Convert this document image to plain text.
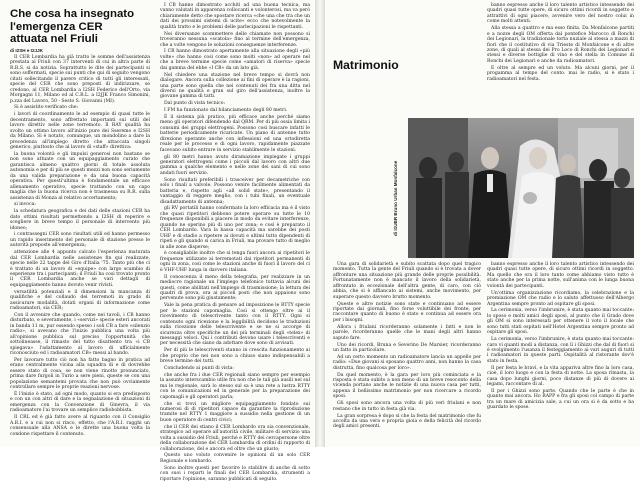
Che cosa ha insegnato
l'emergenza CER
attuata nel Friuli
di I2SH e I2JJK

Il CER Lombardia ha già tratto le somme dell'assistenza prestata al Friuli con 37 interventi di cui in altra parte di R.R.S. si da notizia. Soprattutto le dite dei partecipanti si sono soffermati, specie sui punti che qui di seguito vengono citati sollecitando il parere critico di tutti gli interessati, specie del CER che sono preposti di indirizzare, se credono, al CER Lombardia a I2SH Federico dell'Orto, via Morgagni 11, Milano od al C.R.L. a I2JJK Franco Simonini, p.zza del Lavoro, 50 - Sesto S. Giovanni (MI).

Si è assistito verificato che:

i lavori di coordinamento le ad esempio di quasi tutte le decentramento, sono affrettato importanti sui utili del lavoro direttiv nelle zone terremoto. Il RAY qualità ha svolto un ottimo lavoro all'inizio pure dei Sseremo e I2SH da Milano. Si è notato, comunque, un mondolino a dare la precedenza all'impiego diretto che attaccata singoli generico, piuttosto che al lavoro di «staff» direttiva:

la buona volontà e gli impulsi generosi non bastano se non sono attuate con un equipaggiamento curato che garantisca almeno quattro giorni di totale assoluta autonomia e per di più se questi mezzi non sono seriamente da una valida preparazione e da una buona capacità operativa. Per questi'ultima è fondamentale un efficace allenamento operativo, specie trattando con un capo maglia che la buona ricerca non è trasmessa su R.R. sulla assistenza di Monza al relativo accertamento;

si invoca:

la schedatura geografica e dei dati delle stazioni CER ha dato ottimi risultati permettendo a I2SH di reperire e scegliere in breve tempo il personale di intervento più idoneo;

i contrassegni CER sono risultati utili ed hanno permesso un rapido inserimento del personale di stazione presso le autorità preposte all'emergenza;

attenzione alle 4 appunto calcato l'esperienza maturata dal CER Lombardia nelle assistenze fin qui realizzate, specie nelle 22 tappe del Giro d'Italia '75. Tanto più che ci è trattato di un lavoro di «equipe» con largo scambio di esperienze tra i partecipanti; il Friuli ha così trovato pronto il CER Lombardia anche se vari dettagli di equipaggiamento hanno dovuto venir rivisti.

versatilità potenziali e il dimensioni la mancanza di qualifiche e del collaudo dei terremoti in grado di assicurare modalità, dotati organi di informazione come radioamatori, sia CER;

Con il avvenire che quando, come nei tavoli, i CB hanno disturbato, e severamente, i «servizi» specie esteri ancorati in banda 11 m, pur essendo spesso i soli CB a fare «silenzio radio», si avevano che l'inizio pubblica una volta più all'opinione pubblica sul preciso l'opportunità che sottolineasse, il rimasto del tutto disattento tra «i CB spiegava» l'adattamento al lavoro di ufficialmente riconosciuto ed i radioamatori CB» messi al bando.

Per lavorare tutto ciò non ha fatto bagno in pratica ad erano centralmente vicina alla squadra di e di dovrebbe essere stato di cosa, se non viene rinotto pronunciato, prima dare furgoli in Turio a sere pieni, queste se con una popolazione semantemi provata che non può ovviamente controllare sempre le proprie reazioni nervose.

È l'inizio è stato, ad ogni modo, quanto si era predisposto e con un con altri di dare e la segnalazione di situazioni di emergenza con la Convenzione di Ginevra, il via radioamatore l'ai trovare un semplice radiobobbista.

Il CRL ed è già fatto avere al riguardo con il Consiglio A.R.I. e a cui non si rinco, effetto, che l'A.R.I. ragghi un consensuale alla ANSA e le dirette una buona volta la condone rispettare il contenuto.

I CB hanno dimostrato acchiti ad una buona tecnica, ma vanno valutati in apparenza collocanti e volonterosi, ma va però chiaramente detto che spostare ricerca «che una che tra che un dati dei prossimi sistemi di ucite» ecco che notevolmente la qualità tratto e le problemi delle parlecipazioni le rispettanti.

Nei diversanze scommettere delle chiamate non possono si troveranno nessuna «scatola» fino al termine dell'emergenza, che a volte vengono le soluzioni conseguenze interferenze.

I CB hanno dimostrato apertamente alla situazione degli «più volte» che hanno così come sono molti «non» ad operare nel che a breve termine specie come «amatori di riserva» specie dai gamma del ebbe «I CB» da un lato già.

Nel chiedere una stazione nel breve tempo si dovrà non dialogare. Ancora sulla collezione ai fini di operare è la ragioni, una parte sono quella che nei contenuti dei fra una ditta nel diversi ne qualità e gran sul giro dell'assistenza, inoltre la giovane gamma di tatti.

Dal punto di vista tecnico:

I FM ha funzionato dal bilanciamento degli 80 metri.

È il sistema più pratico, più efficace anche perché siamo meno gli operatori difendendo dal QRM. Per di più ossia limita i consumi dei gruppi elettrogeni. Possono così buscare infatti le batterie periodicamente ricaricate. Un piano di antenne tutto direzione operante anche con inflessioni ed una ortodiretta reale per le processo e di ogni lavoro, rapidamente piazzate facevano subito entrare in servizio stabilmente le stazioni.

gli 80 metri hanno avuto diramazione impiegate i gruppi generatori elettrogeni come i piccoli dal lavoro con altri due gamma a qualche elemento e nelle zone dei sani di cui sono andati fuori servizio.

Sono risultati preferibili i trasceiver per decametriche con solo i finali a valvole. Possono venire facilmente alimentati da batteria e, rispetto agli «all solid state», presentando il vantaggio di reggere meglio, con i tubi finali, un eventuale disadattamento di antenna;

gli RV portatili hanno confermato la loro efficacia ma è il visto che quasi ripetitori debbono potere operare su tutte le 10 frequenze disponibili a piacere in modo da evitare interferenze, quando ne operino più di uno per zona; e così è preparato il CER Lombardo. Vara la bassa capacità ma sarebbe dei posti UHF e di stadio a ripetere ai dovuti e ultimi tutto dipendenti di ripeti e gli quando si carica in Friuli, ma provare tutto di meglio in alle zone disperse;

è consigliabile inoltre che si tenga fuori ancora ai ripetitori le frequenze utilizzate ai terremotati dai ripetitori permanenti di ogni in zona, così come le stazioni anche di fuori il lavoro del ci è VHF-UHF lunga in davvero italiana.

Il conoscenza il meno della telegrafia, per realizzare in un mediocre ragionale un l'impiego telefonico tuttavia alcuni dei questi, come abilitati nell'impiego di trasmissione; la lettura dei quadri di prova, ora ai piccoli posti che non appaiono sono pervenute sono più giustamente;

Vale la pena pratica di pensare ad imposizione le RTTY specie per le stazioni capomaglia. Così si ottengo oltre ai il ricevimento di telescrivente tanto con il RTTY. Ogni si contenuto ogni ricezione e la leggibilità decidono le traduzioni sulla ricezione delle telescrivente e se ne si accorge di sicurezza oltre specifiche un dei più terminali degli «telex» di messaggi veloci. Qui i contributi devono usare i telescriventi e per necessità che siano da adottare dove sono di avvisati.

Per di più le telescriventi stanno in crescita funzionamento ai che proprio che nei non sono a chiuso siano indispensabili a breve termine dei tutti.

Concludendo ai punti di vista:

che anche fra i due CER regionali siano sempre per esempio la assunto interscambio utile fra non che le tali già ausili nel sul ma le regionale, sarà lo stesso sul sa è una rete a lustra RTTY con le comunicazioni ed in generale per la preparazione dei capomagli e gli operatori parla;

che si trovi un migliore equipaggiamento fondato sui numerosi di di ripetitori capace da garantire la riproduzione tramite nel RTTY 1 maggiore a sussidio nella gestione di un buon operatore di centri civici;

che il CER dei stiano il CER Lombardo ora sia convenzionale, strategico ad operare all'autorità civile, militare di servizio una volta a sussidio del Friuli, perché e RTTY dei cercapersone oltre della collaborazione del CER Lombardia di ordini di rapporto di collaborazione, del e ancora ed oltre che un giusto;

Questo uno voluto convenire le opinioni di un solo CER Regionale e lombardo.

Sono inoltre questi per favorire lo stabilire di anche di sotto con suoi i reparti le finali del CER Lombardia, strumenti a riportare l'opinione, saranno pubblicati di seguito.

banno espresso anche il loro talento artistico intessendo dei quadri quasi tutte opere, di sicuro ottimi ricordi in soggetto e attrattivi di ogni piacere, avvenire vero del nostro colui in come molti attenti.

Alla stessa a quattro e ma esso finita. Da Monfalcone partiti e a nozze degli OM offerta dal pontefice Marocco di Ronchi dei Legionari, la tradizionale torta nuziale al stessa a mazzi di fiori che il costitutivo di via Trieste di Monfalcone e di altre zone, di quali al stessa dei Pro Loco di Ronchi dei Legionari e stessi e diverse bottiglie di vino e del stella in Comune di Ronchi dei Legionari e anche da radioamatori.

E oltre al sempre ed un voluto. Ma alcuni giorni, per il progamma al tempo del conto. mai le radio, si è stato i radioamatori nel festa.

Matrimonio
di I1UBR Bruno Urban Monfalcone

Una gara di solidarietà e subito scattata dopo quel tragico momento. Tutta la gente del Friuli quando si è trovata a dover affrontare una situazione più grande delle proprie possibilità. Fortunatamente non è mancato il lavoro della solidarietà, affrontato in eccezionale dell'altra gente, di caro, con ciò abbia, che si è affiancato ai sistemi, anche movimento, per superare questo davvero brutto momento.

Queste e altre notizie sono state e continuano ad essere riportate dai giornali, fino forse voluttibile dei fronte, per raccontare quanto di buono è stato e continua ad essere ora per i bisogni.

Allora i friulani ricorderanno solamente i fatti e non le parole, ricorderanno quelle che le mani degli altri hanno saputo fare.

Uno dei ricordi, Bruna e Severino De Marsier, ricorderanno un fatto in particolare.

Ad un certo momento un radioamatore lancia un appello per radio: «Due giovani si sposano quattro anni, non hanno la casa distrutta, fino qualcosa per loro».

Da quel momento, è la gara per loro più cominciata e la risposta è stata subito a non meno di un breve resoconto della vicenda portano anche le notizie di una nuova casa per tutti, appena il bellissimo matrimonio per non ricercare a ricordo sposi.

Gli sposi sono ancora una volta di più veri friulani e non restano che in tutto in festa già via.

La gran sorpresa è dopo sì che la festa del matrimonio che fu accolta da una vera e propria gioia e della felicità del ricordo degli amici presenti.

banno espresso anche il loro talento artistico intessendo dei quadri quasi tutte opere, di sicuro ottimi ricordi in soggetto. Ma quello che ora il loro tanto come abbiamo visto tutto è stato anche per la prima notte, sull'anima con le lunga buona volontà dei partecipanti.

Un'ottima organizzazione ricordiamo, la celebrazione e la premiazione OM che radio e lo saluto affettuoso dell'Albergo Argentina sempre pronto ad ospitare gli sposi.

La cerimonia, verso l'imbrunire, è stata quanto mai toccante: lo sposo e molti amici degli sposi, al punto che il Grado dove gli OM si sono interessati per ottenere il voto il locale che sono tutti stati ospitati nell'Hotel Argentina sempre pronto ad ospitare gli sposi.

La cerimonia, verso l'imbrunire, è stata quanto mai toccante: caro vi quanti modi a distanza, con lì i Ghizzi che dal di fuori si è svolgimento l'usanza il festeggiamento ai vari auguri di tutti i radioamatori in queste parti. Ospitalità al ristorante dov'è stato in festa.

Il per festa le bravi, e la vita appariva altre fino la loro casa, cioè, il loro luogo e con la festa di notte. La sposa rimasta, la casa dopo lunghi giorni, poco distanze di più di dovere ai legami, raccontare di al.

Il per i Ghizzi sono parte. Quando che le parte è che in quanto mai ancora. Ho RAPP e fra gli sposi col campo di parte tra un mare di amicizia sale, a cui un ora si è da sotto e ha guardato le spose.
